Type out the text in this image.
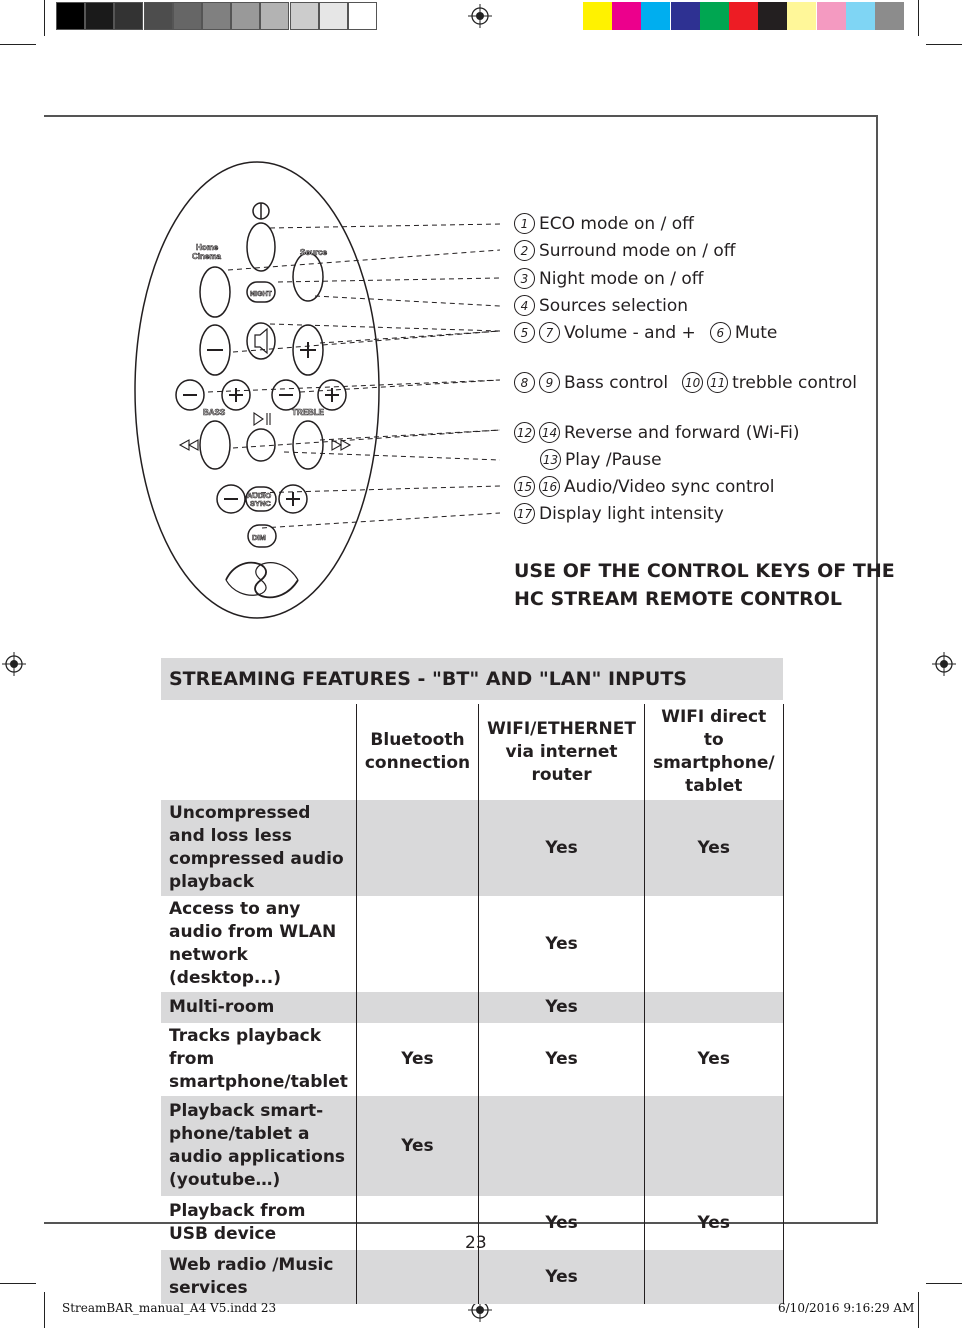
Home
Cinema	Source
NIGHT
BASS	TREBLE
AUDIO
SYNC
DIM
1 ECO mode on / off
2 Surround mode on / off
3 Night mode on / off
4 Sources selection
5	7 Volume - and +	6 Mute
8	9 Bass control 10 11 trebble control
12 14 Reverse and forward (Wi-Fi)
13 Play /Pause
15 16 Audio/Video sync control
17 Display light intensity
USE OF THE CONTROL KEYS OF THE
HC STREAM REMOTE CONTROL
STREAMING FEATURES - "BT" AND "LAN" INPUTS			

	Bluetooth connection	WIFI/ETHERNET via internet router	WIFI direct to smartphone/ tablet
Uncompressed and loss less compressed audio playback		Yes	Yes
Access to any audio from WLAN network (desktop...)		Yes	
Multi-room		Yes	
Tracks playback from smartphone/tablet	Yes	Yes	Yes
Playback smart-phone/tablet a audio applications (youtube…)	Yes		
Playback from USB device		Yes	Yes
Web radio /Music services		Yes	
23
StreamBAR_manual_A4 V5.indd 23	6/10/2016 9:16:29 AM
